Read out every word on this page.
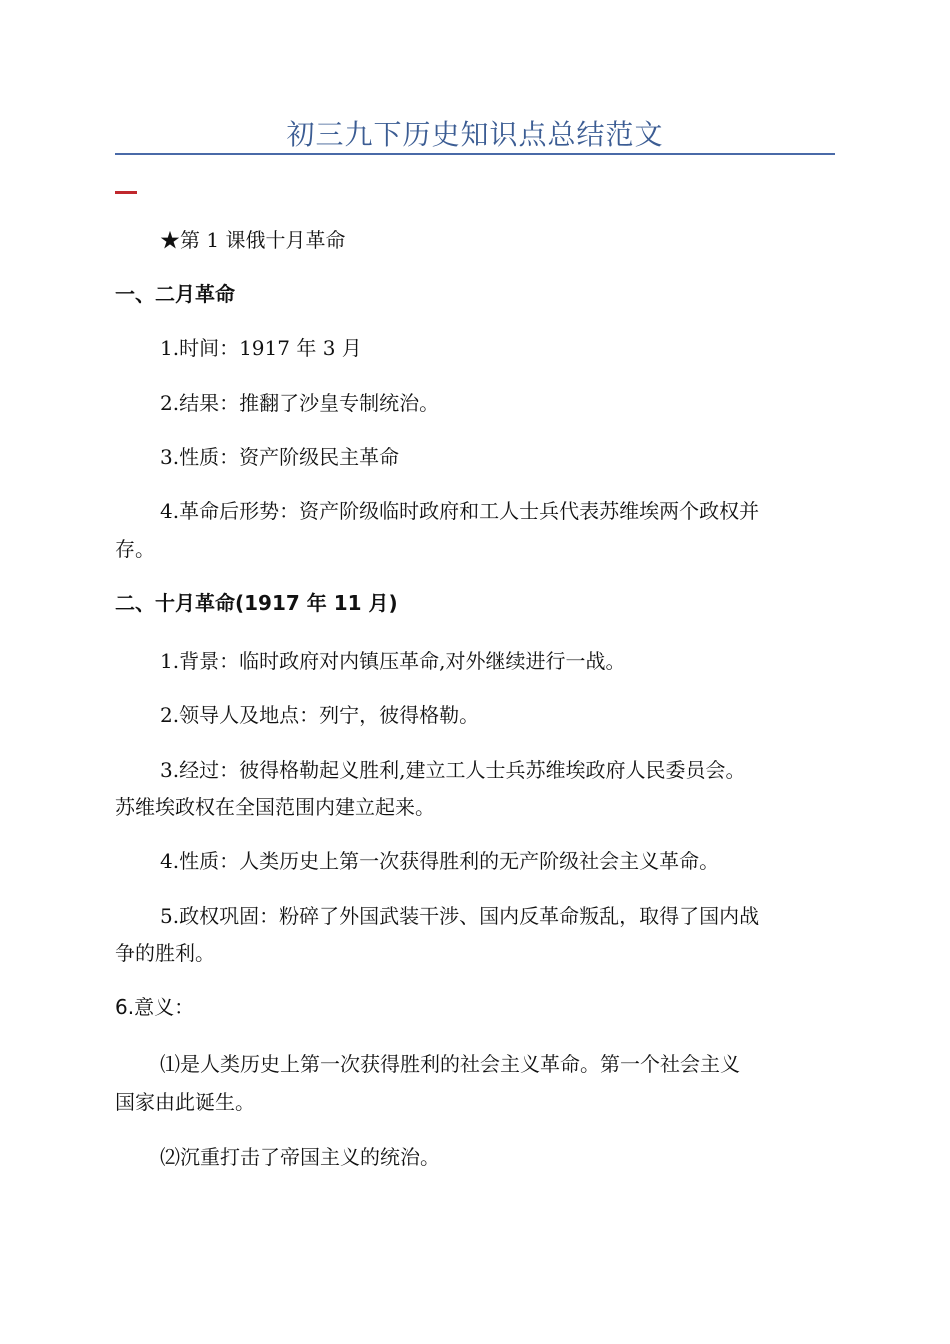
初三九下历史知识点总结范文
★第 1 课俄十月革命
一、二月革命
1.时间：1917 年 3 月
2.结果：推翻了沙皇专制统治。
3.性质：资产阶级民主革命
4.革命后形势：资产阶级临时政府和工人士兵代表苏维埃两个政权并
存。
二、十月革命(1917 年 11 月)
1.背景：临时政府对内镇压革命,对外继续进行一战。
2.领导人及地点：列宁，彼得格勒。
3.经过：彼得格勒起义胜利,建立工人士兵苏维埃政府人民委员会。
苏维埃政权在全国范围内建立起来。
4.性质：人类历史上第一次获得胜利的无产阶级社会主义革命。
5.政权巩固：粉碎了外国武装干涉、国内反革命叛乱，取得了国内战
争的胜利。
6.意义：
⑴是人类历史上第一次获得胜利的社会主义革命。第一个社会主义
国家由此诞生。
⑵沉重打击了帝国主义的统治。
